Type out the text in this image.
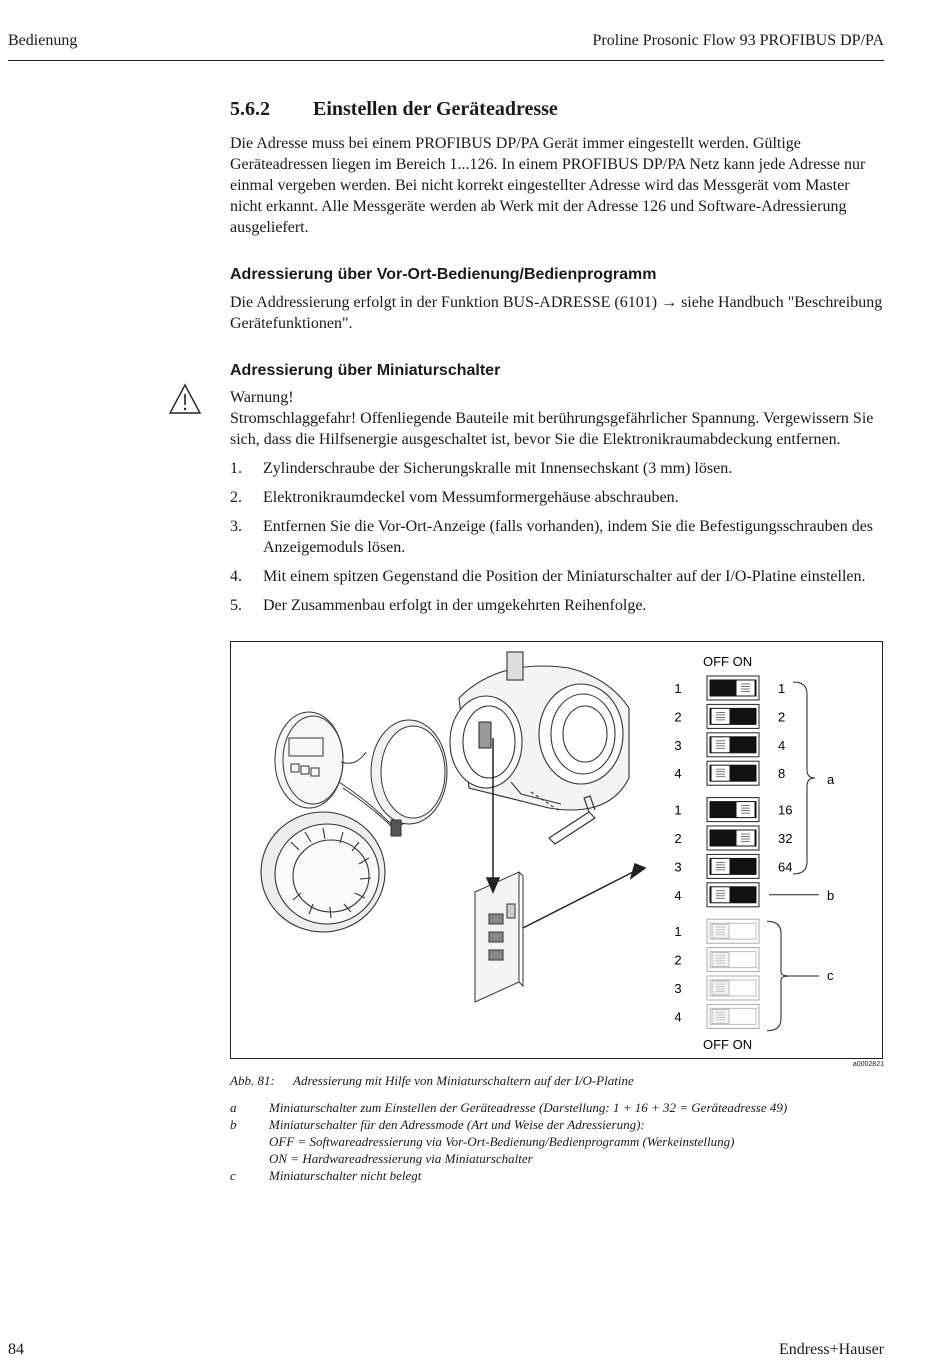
Bedienung	Proline Prosonic Flow 93 PROFIBUS DP/PA
5.6.2	Einstellen der Geräteadresse

Die Adresse muss bei einem PROFIBUS DP/PA Gerät immer eingestellt werden. Gültige Geräteadressen liegen im Bereich 1...126. In einem PROFIBUS DP/PA Netz kann jede Adresse nur einmal vergeben werden. Bei nicht korrekt eingestellter Adresse wird das Messgerät vom Master nicht erkannt. Alle Messgeräte werden ab Werk mit der Adresse 126 und Software-Adressierung ausgeliefert.

Adressierung über Vor-Ort-Bedienung/Bedienprogramm

Die Addressierung erfolgt in der Funktion BUS-ADRESSE (6101) → siehe Handbuch "Beschreibung Gerätefunktionen".

Adressierung über Miniaturschalter

Warnung!

Stromschlaggefahr! Offenliegende Bauteile mit berührungsgefährlicher Spannung. Vergewissern Sie sich, dass die Hilfsenergie ausgeschaltet ist, bevor Sie die Elektronikraumabdeckung entfernen.

1.	Zylinderschraube der Sicherungskralle mit Innensechskant (3 mm) lösen.
2.	Elektronikraumdeckel vom Messumformergehäuse abschrauben.
3.	Entfernen Sie die Vor-Ort-Anzeige (falls vorhanden), indem Sie die Befestigungsschrauben des Anzeigemoduls lösen.
4.	Mit einem spitzen Gegenstand die Position der Miniaturschalter auf der I/O-Platine einstellen.
5.	Der Zusammenbau erfolgt in der umgekehrten Reihenfolge.
OFF ON
OFF ON
1	1
2	2
3	4
4	8
1	16
2	32
3	64
4
1
2
3
4
a
b
c
a0002821
Abb. 81: Adressierung mit Hilfe von Miniaturschaltern auf der I/O-Platine
a	Miniaturschalter zum Einstellen der Geräteadresse (Darstellung: 1 + 16 + 32 = Geräteadresse 49)
b	Miniaturschalter für den Adressmode (Art und Weise der Adressierung):
OFF = Softwareadressierung via Vor-Ort-Bedienung/Bedienprogramm (Werkeinstellung)
ON = Hardwareadressierung via Miniaturschalter
c	Miniaturschalter nicht belegt
84	Endress+Hauser
